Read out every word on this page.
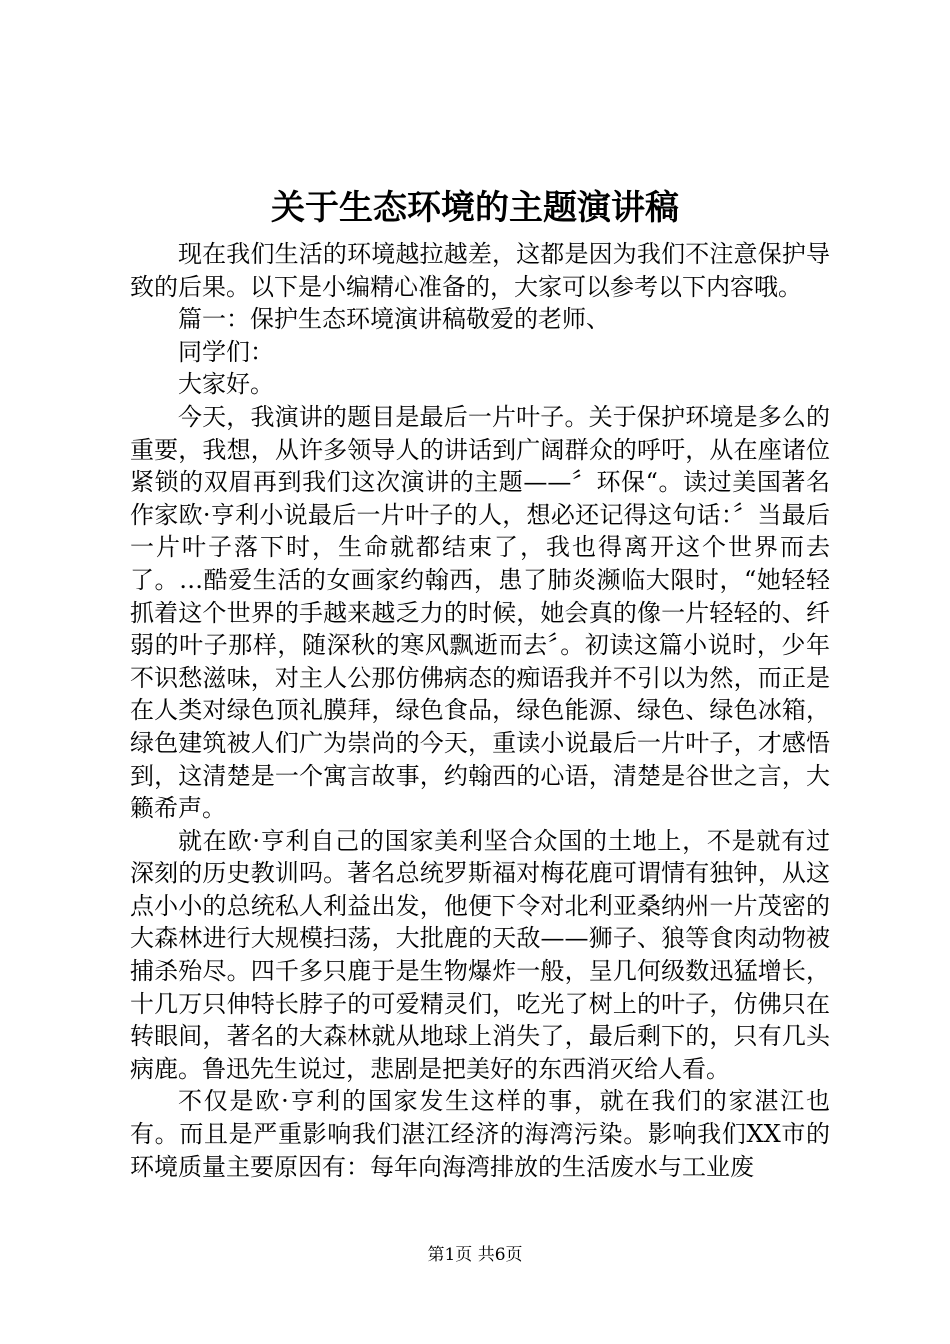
关于生态环境的主题演讲稿

现在我们生活的环境越拉越差，这都是因为我们不注意保护导致的后果。以下是小编精心准备的，大家可以参考以下内容哦。

篇一：保护生态环境演讲稿敬爱的老师、

同学们：

大家好。

今天，我演讲的题目是最后一片叶子。关于保护环境是多么的重要，我想，从许多领导人的讲话到广阔群众的呼吁，从在座诸位紧锁的双眉再到我们这次演讲的主题——〞环保“。读过美国著名作家欧·亨利小说最后一片叶子的人，想必还记得这句话：〞当最后一片叶子落下时，生命就都结束了，我也得离开这个世界而去了。…酷爱生活的女画家约翰西，患了肺炎濒临大限时，“她轻轻抓着这个世界的手越来越乏力的时候，她会真的像一片轻轻的、纤弱的叶子那样，随深秋的寒风飘逝而去〞。初读这篇小说时，少年不识愁滋味，对主人公那仿佛病态的痴语我并不引以为然，而正是在人类对绿色顶礼膜拜，绿色食品，绿色能源、绿色、绿色冰箱，绿色建筑被人们广为崇尚的今天，重读小说最后一片叶子，才感悟到，这清楚是一个寓言故事，约翰西的心语，清楚是谷世之言，大籁希声。

就在欧·亨利自己的国家美利坚合众国的土地上，不是就有过深刻的历史教训吗。著名总统罗斯福对梅花鹿可谓情有独钟，从这点小小的总统私人利益出发，他便下令对北利亚桑纳州一片茂密的大森林进行大规模扫荡，大批鹿的天敌——狮子、狼等食肉动物被捕杀殆尽。四千多只鹿于是生物爆炸一般，呈几何级数迅猛增长，十几万只伸特长脖子的可爱精灵们，吃光了树上的叶子，仿佛只在转眼间，著名的大森林就从地球上消失了，最后剩下的，只有几头病鹿。鲁迅先生说过，悲剧是把美好的东西消灭给人看。

不仅是欧·亨利的国家发生这样的事，就在我们的家湛江也有。而且是严重影响我们湛江经济的海湾污染。影响我们XX市的环境质量主要原因有：每年向海湾排放的生活废水与工业废

第1页 共6页
